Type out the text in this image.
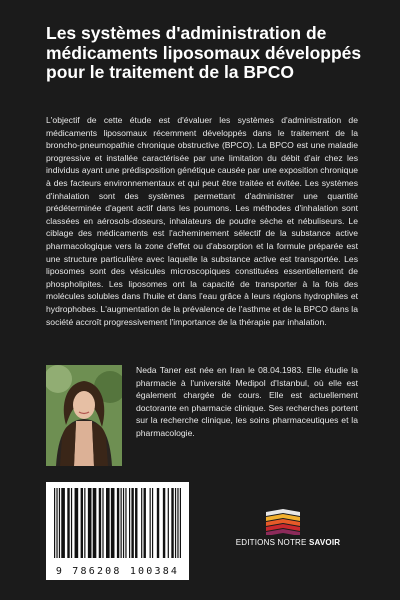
Les systèmes d'administration de médicaments liposomaux développés pour le traitement de la BPCO

L'objectif de cette étude est d'évaluer les systèmes d'administration de médicaments liposomaux récemment développés dans le traitement de la broncho-pneumopathie chronique obstructive (BPCO). La BPCO est une maladie progressive et installée caractérisée par une limitation du débit d'air chez les individus ayant une prédisposition génétique causée par une exposition chronique à des facteurs environnementaux et qui peut être traitée et évitée. Les systèmes d'inhalation sont des systèmes permettant d'administrer une quantité prédéterminée d'agent actif dans les poumons. Les méthodes d'inhalation sont classées en aérosols-doseurs, inhalateurs de poudre sèche et nébuliseurs. Le ciblage des médicaments est l'acheminement sélectif de la substance active pharmacologique vers la zone d'effet ou d'absorption et la formule préparée est une structure particulière avec laquelle la substance active est transportée. Les liposomes sont des vésicules microscopiques constituées essentiellement de phospholipites. Les liposomes ont la capacité de transporter à la fois des molécules solubles dans l'huile et dans l'eau grâce à leurs régions hydrophiles et hydrophobes. L'augmentation de la prévalence de l'asthme et de la BPCO dans la société accroît progressivement l'importance de la thérapie par inhalation.

Neda Taner est née en Iran le 08.04.1983. Elle étudie la pharmacie à l'université Medipol d'Istanbul, où elle est également chargée de cours. Elle est actuellement doctorante en pharmacie clinique. Ses recherches portent sur la recherche clinique, les soins pharmaceutiques et la pharmacologie.

9 786208 100384
EDITIONS NOTRE SAVOIR
